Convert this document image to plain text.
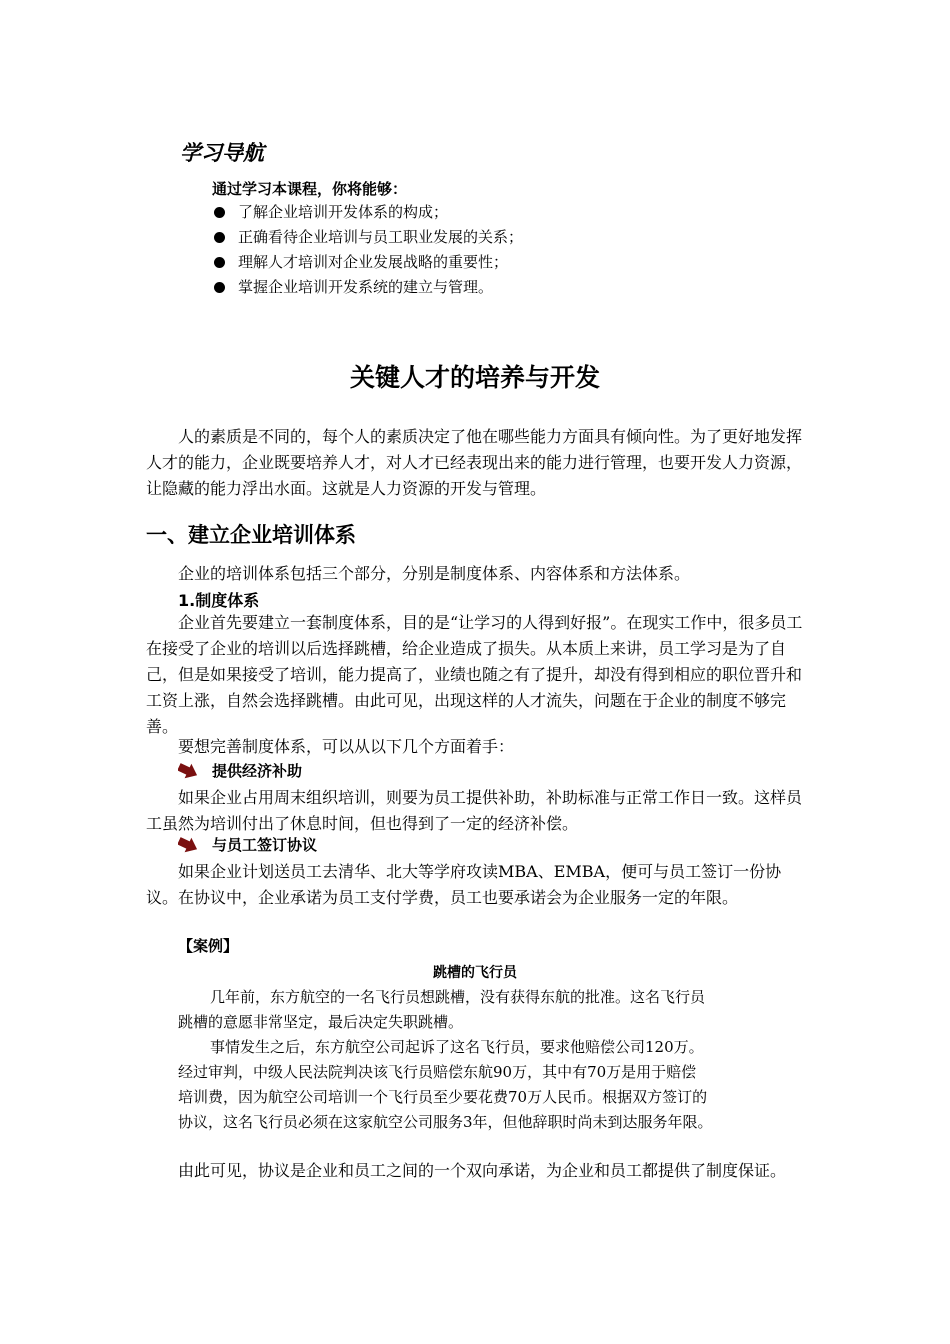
学习导航
通过学习本课程，你将能够：
了解企业培训开发体系的构成；
正确看待企业培训与员工职业发展的关系；
理解人才培训对企业发展战略的重要性；
掌握企业培训开发系统的建立与管理。
关键人才的培养与开发

人的素质是不同的，每个人的素质决定了他在哪些能力方面具有倾向性。为了更好地发挥人才的能力，企业既要培养人才，对人才已经表现出来的能力进行管理，也要开发人力资源，让隐藏的能力浮出水面。这就是人力资源的开发与管理。

一、建立企业培训体系

企业的培训体系包括三个部分，分别是制度体系、内容体系和方法体系。

1.制度体系

企业首先要建立一套制度体系，目的是“让学习的人得到好报”。在现实工作中，很多员工在接受了企业的培训以后选择跳槽，给企业造成了损失。从本质上来讲，员工学习是为了自己，但是如果接受了培训，能力提高了，业绩也随之有了提升，却没有得到相应的职位晋升和工资上涨，自然会选择跳槽。由此可见，出现这样的人才流失，问题在于企业的制度不够完善。

要想完善制度体系，可以从以下几个方面着手：

提供经济补助

如果企业占用周末组织培训，则要为员工提供补助，补助标准与正常工作日一致。这样员工虽然为培训付出了休息时间，但也得到了一定的经济补偿。

与员工签订协议

如果企业计划送员工去清华、北大等学府攻读MBA、EMBA，便可与员工签订一份协议。在协议中，企业承诺为员工支付学费，员工也要承诺会为企业服务一定的年限。

【案例】
跳槽的飞行员
几年前，东方航空的一名飞行员想跳槽，没有获得东航的批准。这名飞行员
跳槽的意愿非常坚定，最后决定失职跳槽。
事情发生之后，东方航空公司起诉了这名飞行员，要求他赔偿公司120万。
经过审判，中级人民法院判决该飞行员赔偿东航90万，其中有70万是用于赔偿
培训费，因为航空公司培训一个飞行员至少要花费70万人民币。根据双方签订的
协议，这名飞行员必须在这家航空公司服务3年，但他辞职时尚未到达服务年限。
由此可见，协议是企业和员工之间的一个双向承诺，为企业和员工都提供了制度保证。
